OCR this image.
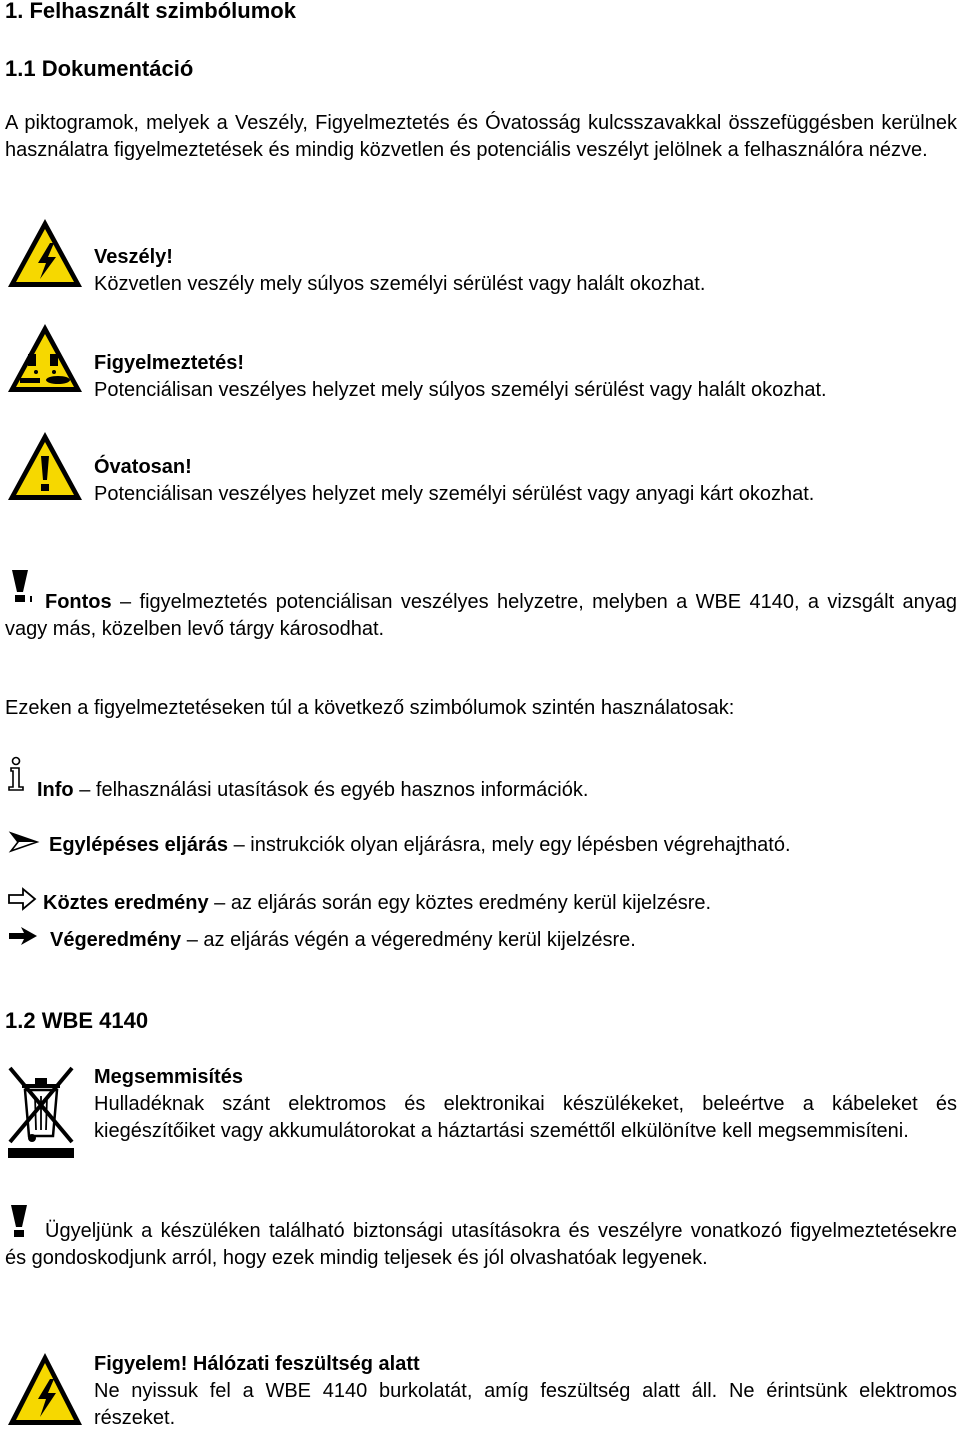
1. Felhasznált szimbólumok
1.1 Dokumentáció
A piktogramok, melyek a Veszély, Figyelmeztetés és Óvatosság kulcsszavakkal összefüggésben kerülnek használatra figyelmeztetések és mindig közvetlen és potenciális veszélyt jelölnek a felhasználóra nézve.
Veszély!
Közvetlen veszély mely súlyos személyi sérülést vagy halált okozhat.
Figyelmeztetés!
Potenciálisan veszélyes helyzet mely súlyos személyi sérülést vagy halált okozhat.
Óvatosan!
Potenciálisan veszélyes helyzet mely személyi sérülést vagy anyagi kárt okozhat.
Fontos – figyelmeztetés potenciálisan veszélyes helyzetre, melyben a WBE 4140, a vizsgált anyag vagy más, közelben levő tárgy károsodhat.
Ezeken a figyelmeztetéseken túl a következő szimbólumok szintén használatosak:
Info – felhasználási utasítások és egyéb hasznos információk.
Egylépéses eljárás – instrukciók olyan eljárásra, mely egy lépésben végrehajtható.
Köztes eredmény – az eljárás során egy köztes eredmény kerül kijelzésre.
Végeredmény – az eljárás végén a végeredmény kerül kijelzésre.
1.2 WBE 4140
Megsemmisítés
Hulladéknak szánt elektromos és elektronikai készülékeket, beleértve a kábeleket és kiegészítőiket vagy akkumulátorokat a háztartási szeméttől elkülönítve kell megsemmisíteni.
Ügyeljünk a készüléken található biztonsági utasításokra és veszélyre vonatkozó figyelmeztetésekre és gondoskodjunk arról, hogy ezek mindig teljesek és jól olvashatóak legyenek.
Figyelem! Hálózati feszültség alatt
Ne nyissuk fel a WBE 4140 burkolatát, amíg feszültség alatt áll. Ne érintsünk elektromos részeket.
